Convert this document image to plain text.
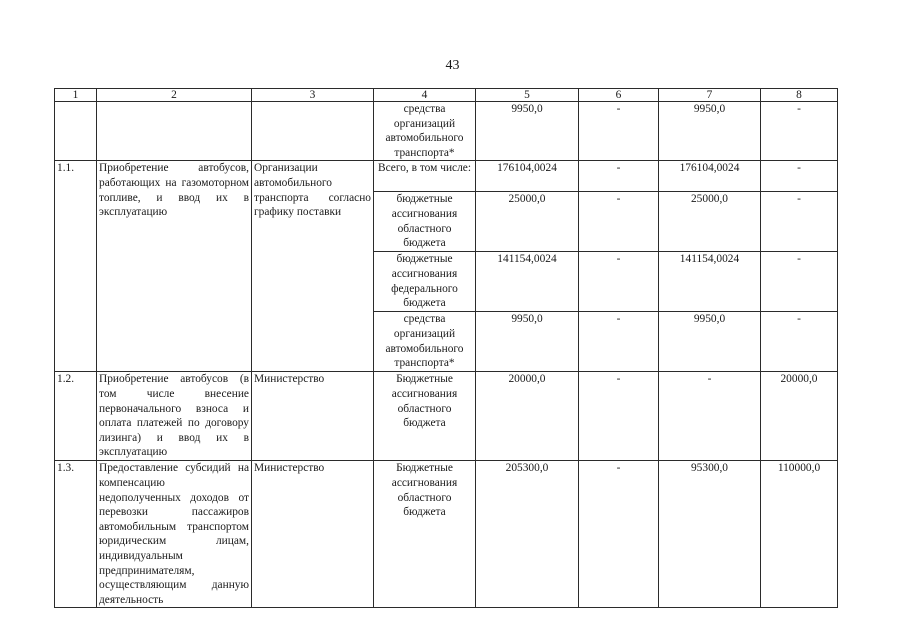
43
1	2	3	4	5	6	7	8
			средства организаций автомобильного транспорта*	9950,0	-	9950,0	-
1.1.	Приобретение автобусов, работающих на газомоторном топливе, и ввод их в эксплуатацию	Организации автомобильного транспорта согласно графику поставки	Всего, в том числе:	176104,0024	-	176104,0024	-
			бюджетные ассигнования областного бюджета	25000,0	-	25000,0	-
			бюджетные ассигнования федерального бюджета	141154,0024	-	141154,0024	-
			средства организаций автомобильного транспорта*	9950,0	-	9950,0	-
1.2.	Приобретение автобусов (в том числе внесение первоначального взноса и оплата платежей по договору лизинга) и ввод их в эксплуатацию	Министерство	Бюджетные ассигнования областного бюджета	20000,0	-	-	20000,0
1.3.	Предоставление субсидий на компенсацию недополученных доходов от перевозки пассажиров автомобильным транспортом юридическим лицам, индивидуальным предпринимателям, осуществляющим данную деятельность	Министерство	Бюджетные ассигнования областного бюджета	205300,0	-	95300,0	110000,0
